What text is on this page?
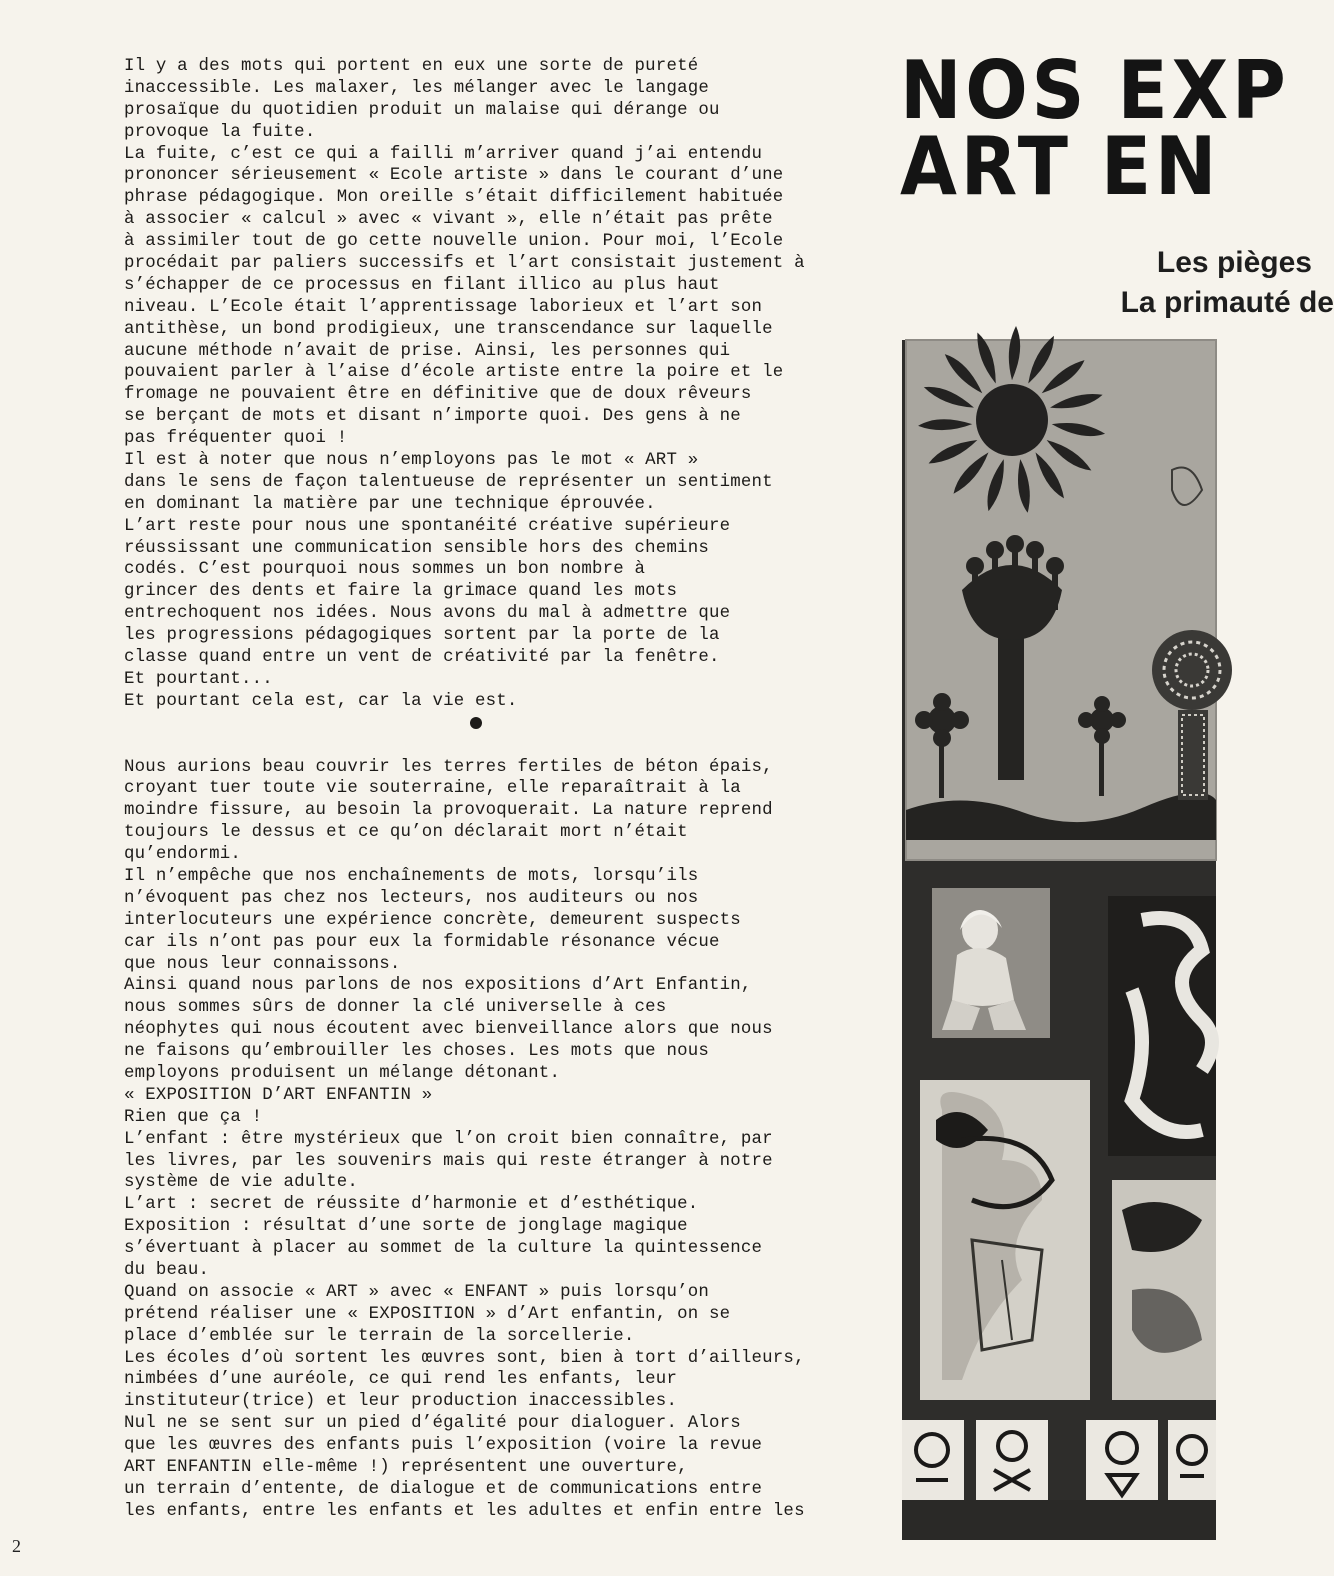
Il y a des mots qui portent en eux une sorte de pureté
inaccessible. Les malaxer, les mélanger avec le langage
prosaïque du quotidien produit un malaise qui dérange ou
provoque la fuite.
La fuite, c’est ce qui a failli m’arriver quand j’ai entendu
prononcer sérieusement « Ecole artiste » dans le courant d’une
phrase pédagogique. Mon oreille s’était difficilement habituée
à associer « calcul » avec « vivant », elle n’était pas prête
à assimiler tout de go cette nouvelle union. Pour moi, l’Ecole
procédait par paliers successifs et l’art consistait justement à
s’échapper de ce processus en filant illico au plus haut
niveau. L’Ecole était l’apprentissage laborieux et l’art son
antithèse, un bond prodigieux, une transcendance sur laquelle
aucune méthode n’avait de prise. Ainsi, les personnes qui
pouvaient parler à l’aise d’école artiste entre la poire et le
fromage ne pouvaient être en définitive que de doux rêveurs
se berçant de mots et disant n’importe quoi. Des gens à ne
pas fréquenter quoi !
Il est à noter que nous n’employons pas le mot « ART »
dans le sens de façon talentueuse de représenter un sentiment
en dominant la matière par une technique éprouvée.
L’art reste pour nous une spontanéité créative supérieure
réussissant une communication sensible hors des chemins
codés. C’est pourquoi nous sommes un bon nombre à
grincer des dents et faire la grimace quand les mots
entrechoquent nos idées. Nous avons du mal à admettre que
les progressions pédagogiques sortent par la porte de la
classe quand entre un vent de créativité par la fenêtre.
Et pourtant...
Et pourtant cela est, car la vie est.
Nous aurions beau couvrir les terres fertiles de béton épais,
croyant tuer toute vie souterraine, elle reparaîtrait à la
moindre fissure, au besoin la provoquerait. La nature reprend
toujours le dessus et ce qu’on déclarait mort n’était
qu’endormi.
Il n’empêche que nos enchaînements de mots, lorsqu’ils
n’évoquent pas chez nos lecteurs, nos auditeurs ou nos
interlocuteurs une expérience concrète, demeurent suspects
car ils n’ont pas pour eux la formidable résonance vécue
que nous leur connaissons.
Ainsi quand nous parlons de nos expositions d’Art Enfantin,
nous sommes sûrs de donner la clé universelle à ces
néophytes qui nous écoutent avec bienveillance alors que nous
ne faisons qu’embrouiller les choses. Les mots que nous
employons produisent un mélange détonant.
« EXPOSITION D’ART ENFANTIN »
Rien que ça !
L’enfant : être mystérieux que l’on croit bien connaître, par
les livres, par les souvenirs mais qui reste étranger à notre
système de vie adulte.
L’art : secret de réussite d’harmonie et d’esthétique.
Exposition : résultat d’une sorte de jonglage magique
s’évertuant à placer au sommet de la culture la quintessence
du beau.
Quand on associe « ART » avec « ENFANT » puis lorsqu’on
prétend réaliser une « EXPOSITION » d’Art enfantin, on se
place d’emblée sur le terrain de la sorcellerie.
Les écoles d’où sortent les œuvres sont, bien à tort d’ailleurs,
nimbées d’une auréole, ce qui rend les enfants, leur
instituteur(trice) et leur production inaccessibles.
Nul ne se sent sur un pied d’égalité pour dialoguer. Alors
que les œuvres des enfants puis l’exposition (voire la revue
ART ENFANTIN elle-même !) représentent une ouverture,
un terrain d’entente, de dialogue et de communications entre
les enfants, entre les enfants et les adultes et enfin entre les
2
NOS EXP
ART EN
Les pièges
La primauté de
